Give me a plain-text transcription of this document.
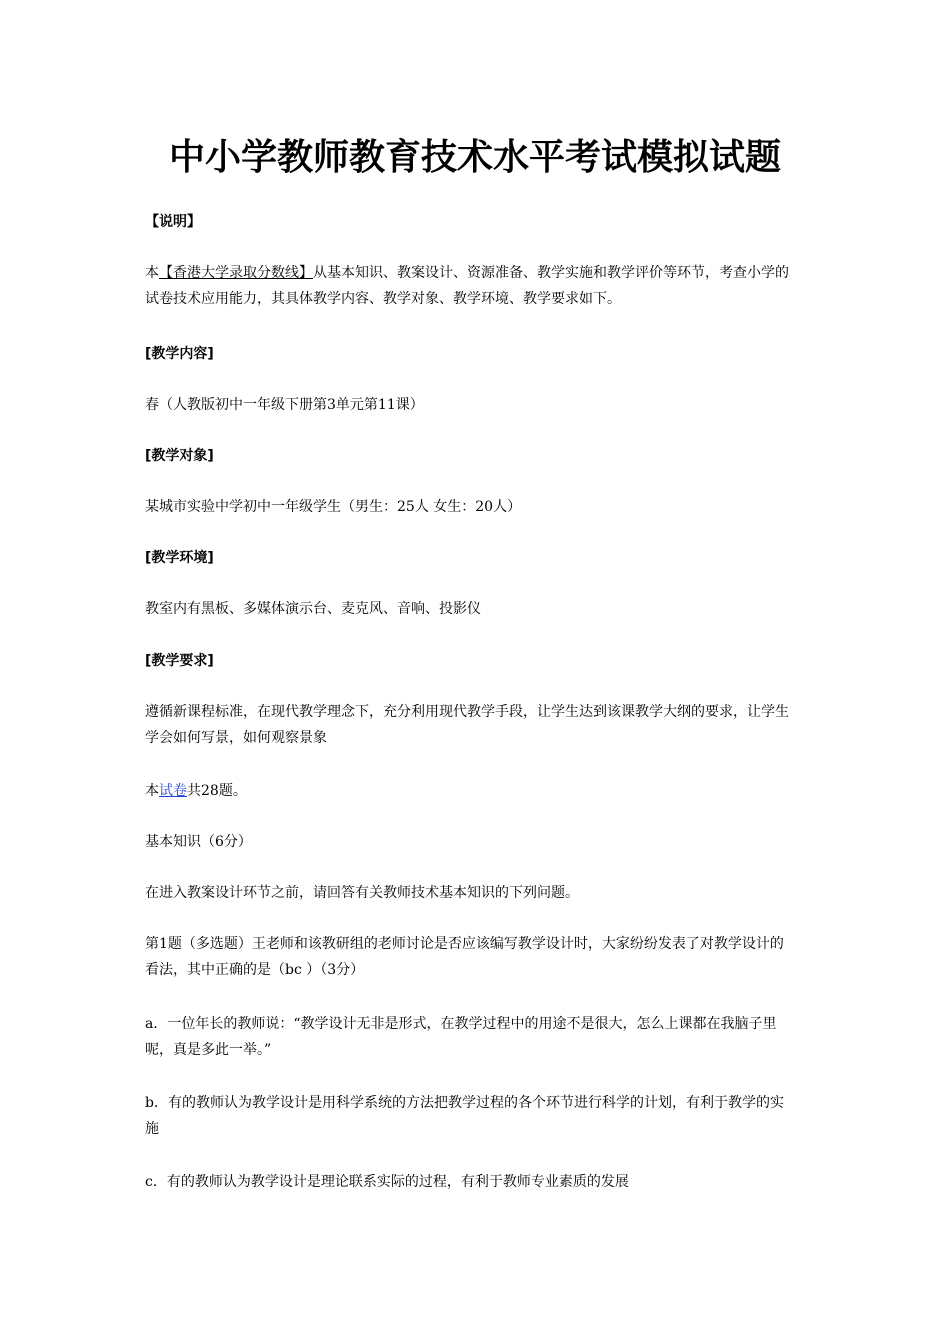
中小学教师教育技术水平考试模拟试题

【说明】

本【香港大学录取分数线】从基本知识、教案设计、资源准备、教学实施和教学评价等环节，考查小学的
试卷技术应用能力，其具体教学内容、教学对象、教学环境、教学要求如下。

[教学内容]

春（人教版初中一年级下册第3单元第11课）

[教学对象]

某城市实验中学初中一年级学生（男生：25人 女生：20人）

[教学环境]

教室内有黑板、多媒体演示台、麦克风、音响、投影仪

[教学要求]

遵循新课程标准，在现代教学理念下，充分利用现代教学手段，让学生达到该课教学大纲的要求，让学生
学会如何写景，如何观察景象

本试卷共28题。

基本知识（6分）

在进入教案设计环节之前，请回答有关教师技术基本知识的下列问题。

第1题（多选题）王老师和该教研组的老师讨论是否应该编写教学设计时，大家纷纷发表了对教学设计的
看法，其中正确的是（bc ）（3分）

a．一位年长的教师说：“教学设计无非是形式，在教学过程中的用途不是很大，怎么上课都在我脑子里
呢，真是多此一举。”

b．有的教师认为教学设计是用科学系统的方法把教学过程的各个环节进行科学的计划，有利于教学的实
施

c．有的教师认为教学设计是理论联系实际的过程，有利于教师专业素质的发展
